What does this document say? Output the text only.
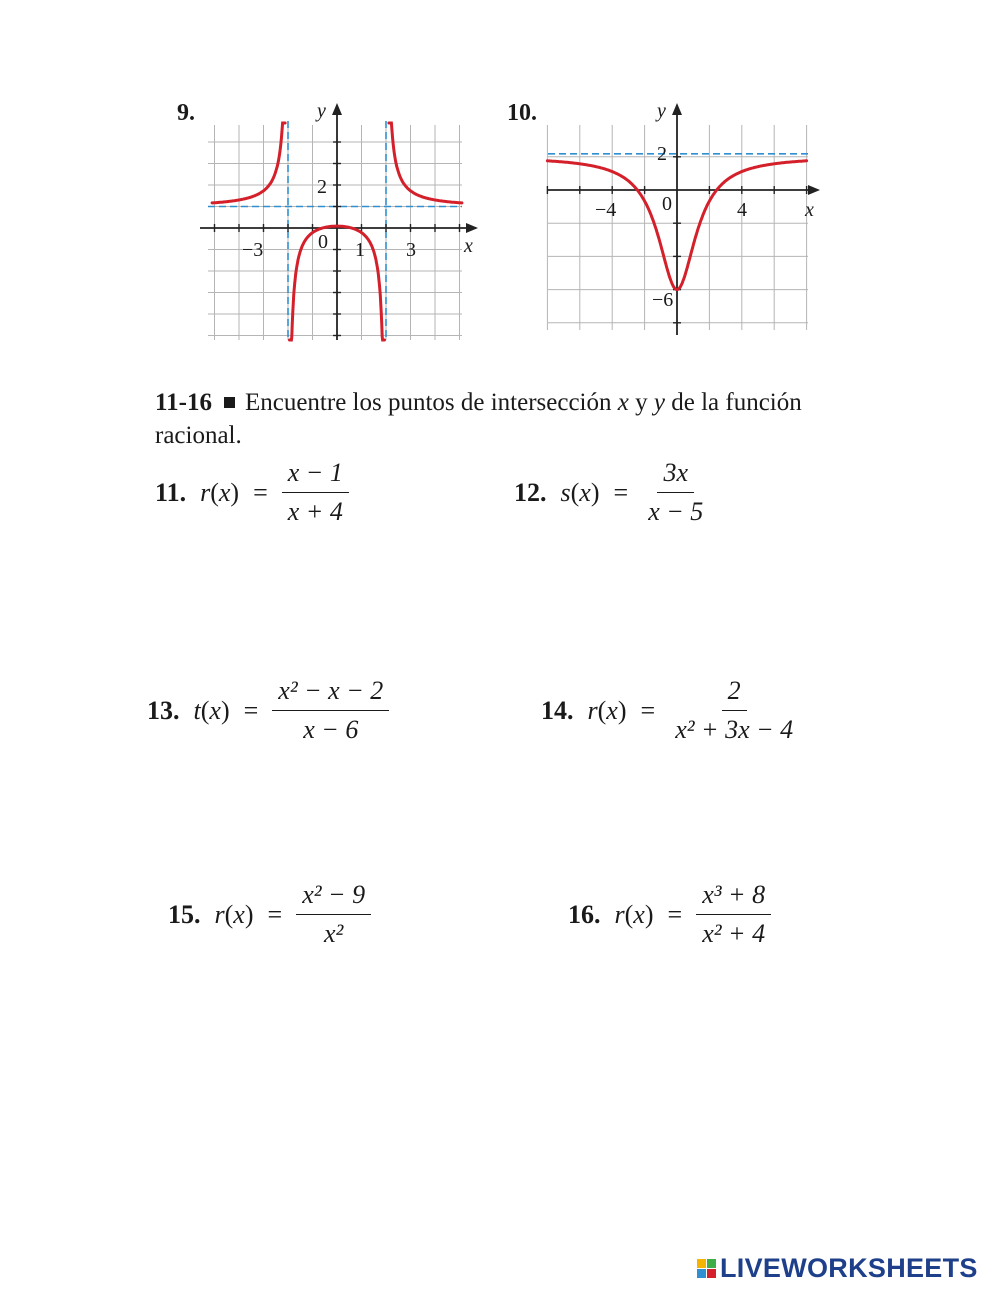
9.
x
y
−3	0 1 3
2
10.
x
y
−4 0	4
2
−6
11-16 Encuentre los puntos de intersección x y y de la función racional.
11. $r(x) = \frac{x - 1}{x + 4}$	12. $s(x) = \frac{3x}{x - 5}$
13. $t(x) = \frac{\text{x² − x − 2}}{x - 6}$	14. $r(x) = \frac{2}{\text{x² + 3x − 4}}$
15. $r(x) = \frac{\text{x² − 9}}{\text{x²}}$	16. $r(x) = \frac{\text{x³ + 8}}{\text{x² + 4}}$
LIVEWORKSHEETS
